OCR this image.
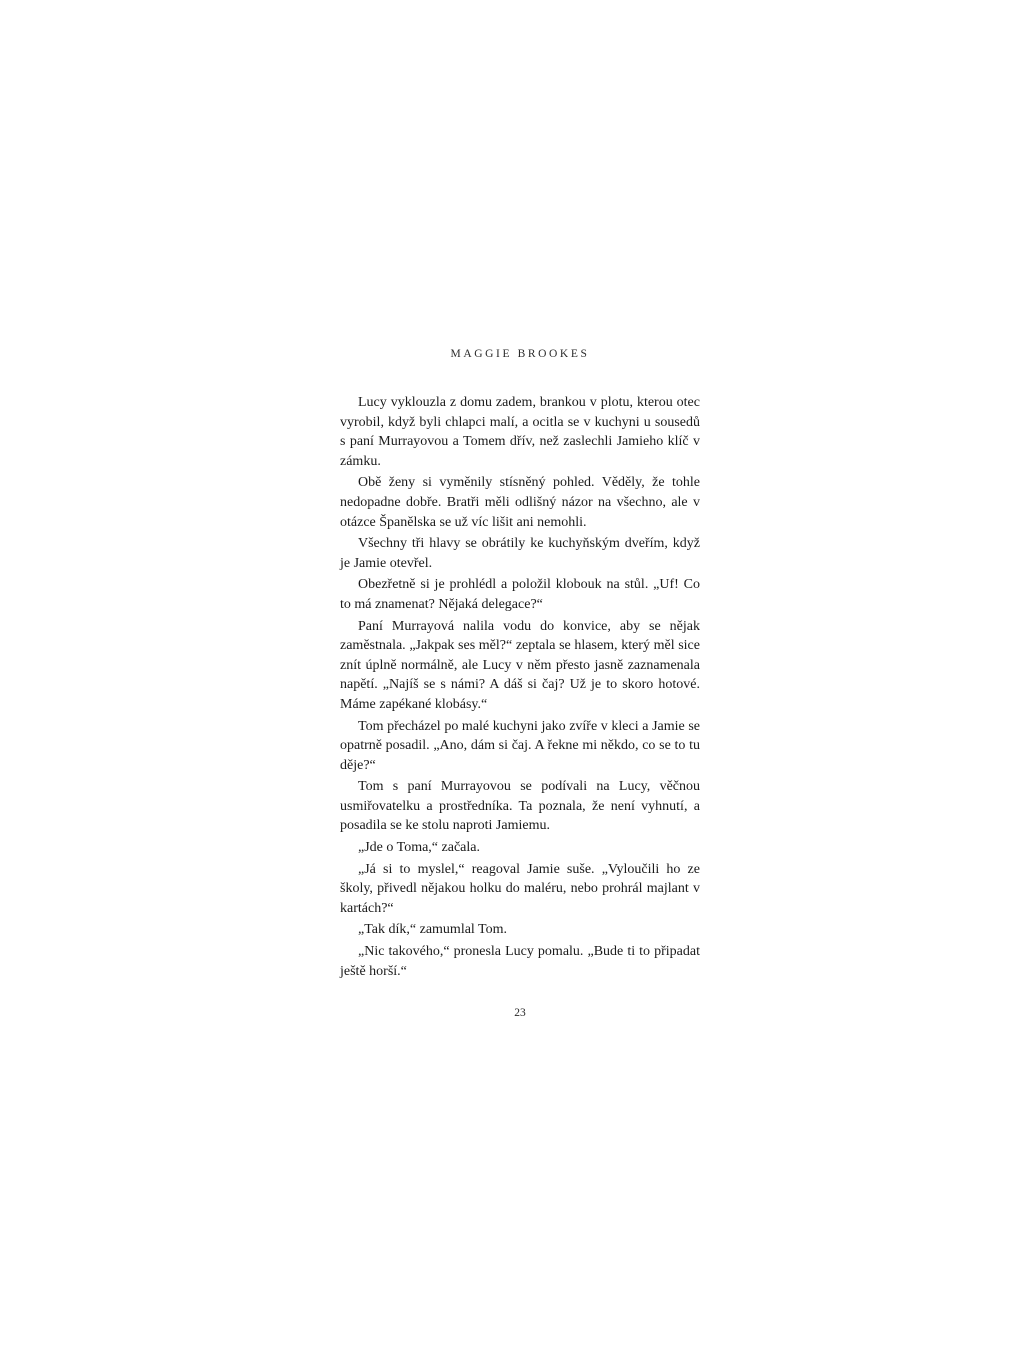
MAGGIE BROOKES

Lucy vyklouzla z domu zadem, brankou v plotu, kterou otec vyrobil, když byli chlapci malí, a ocitla se v kuchyni u sousedů s paní Murrayovou a Tomem dřív, než zaslechli Jamieho klíč v zámku.

Obě ženy si vyměnily stísněný pohled. Věděly, že tohle nedopadne dobře. Bratři měli odlišný názor na všechno, ale v otázce Španělska se už víc lišit ani nemohli.

Všechny tři hlavy se obrátily ke kuchyňským dveřím, když je Jamie otevřel.

Obezřetně si je prohlédl a položil klobouk na stůl. „Uf! Co to má znamenat? Nějaká delegace?“

Paní Murrayová nalila vodu do konvice, aby se nějak zaměstnala. „Jakpak ses měl?“ zeptala se hlasem, který měl sice znít úplně normálně, ale Lucy v něm přesto jasně zaznamenala napětí. „Najíš se s námi? A dáš si čaj? Už je to skoro hotové. Máme zapékané klobásy.“

Tom přecházel po malé kuchyni jako zvíře v kleci a Jamie se opatrně posadil. „Ano, dám si čaj. A řekne mi někdo, co se to tu děje?“

Tom s paní Murrayovou se podívali na Lucy, věčnou usmiřovatelku a prostředníka. Ta poznala, že není vyhnutí, a posadila se ke stolu naproti Jamiemu.

„Jde o Toma,“ začala.

„Já si to myslel,“ reagoval Jamie suše. „Vyloučili ho ze školy, přivedl nějakou holku do maléru, nebo prohrál majlant v kartách?“

„Tak dík,“ zamumlal Tom.

„Nic takového,“ pronesla Lucy pomalu. „Bude ti to připadat ještě horší.“

23
